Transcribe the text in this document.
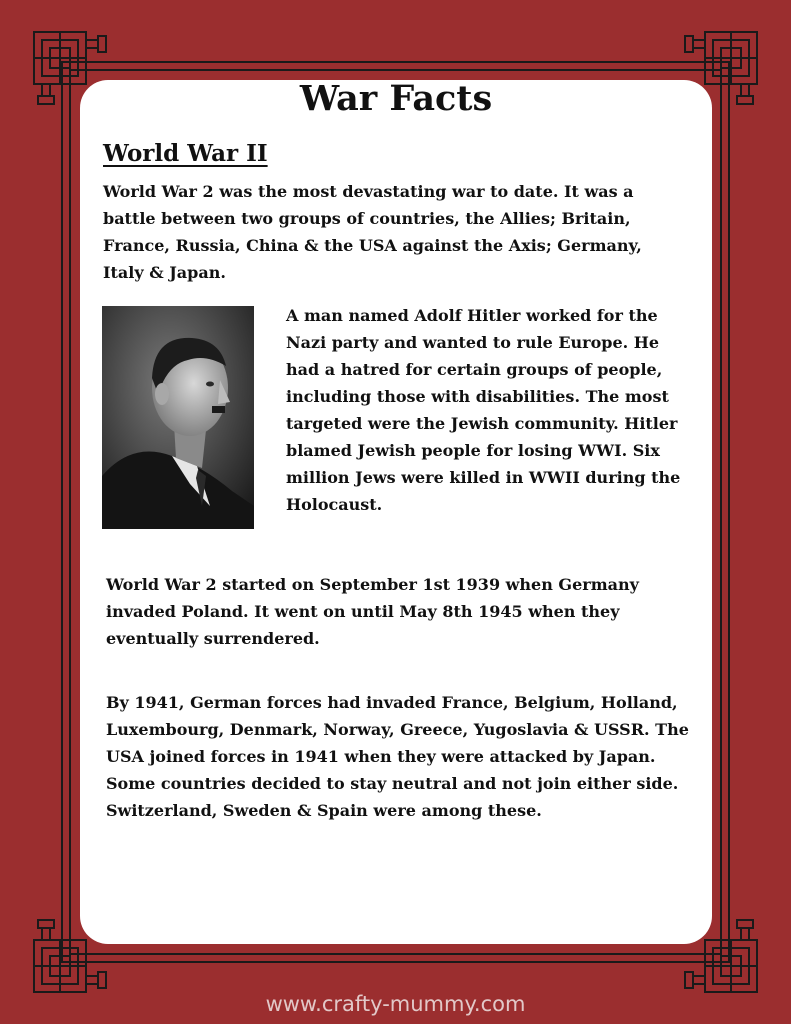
War Facts
World War II

World War 2 was the most devastating war to date. It was a battle between two groups of countries, the Allies; Britain, France, Russia, China & the USA against the Axis; Germany, Italy & Japan.

A man named Adolf Hitler worked for the Nazi party and wanted to rule Europe. He had a hatred for certain groups of people, including those with disabilities. The most targeted were the Jewish community. Hitler blamed Jewish people for losing WWI. Six million Jews were killed in WWII during the Holocaust.

World War 2 started on September 1st 1939 when Germany invaded Poland. It went on until May 8th 1945 when they eventually surrendered.

By 1941, German forces had invaded France, Belgium, Holland, Luxembourg, Denmark, Norway, Greece, Yugoslavia & USSR. The USA joined forces in 1941 when they were attacked by Japan.
Some countries decided to stay neutral and not join either side. Switzerland, Sweden & Spain were among these.
www.crafty-mummy.com
